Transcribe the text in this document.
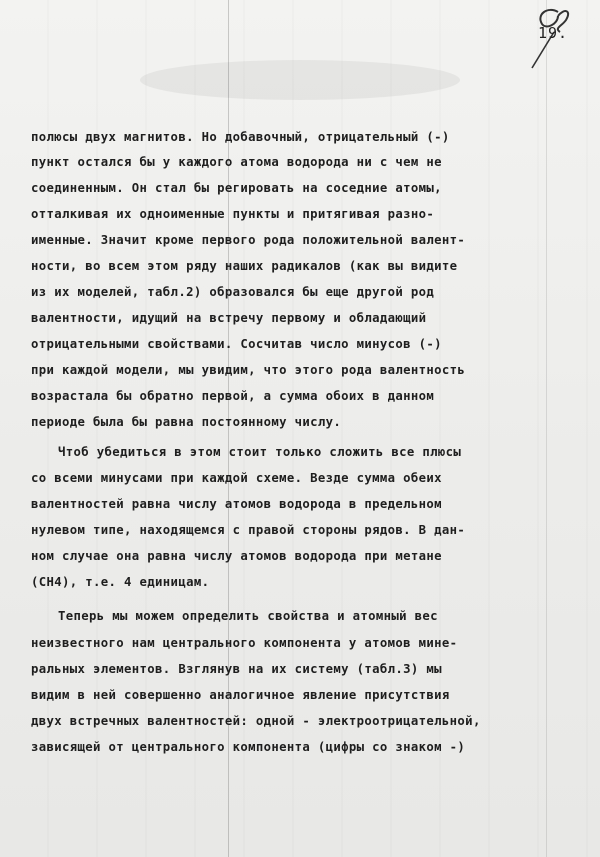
19.
полюсы двух магнитов. Но добавочный, отрицательный (-)
пункт остался бы у каждого атома водорода ни с чем не
соединенным. Он стал бы регировать на соседние атомы,
отталкивая их одноименные пункты и притягивая разно-
именные. Значит кроме первого рода положительной валент-
ности, во всем этом ряду наших радикалов (как вы видите
из их моделей, табл.2) образовался бы еще другой род
валентности, идущий на встречу первому и обладающий
отрицательными свойствами. Сосчитав число минусов (-)
при каждой модели, мы увидим, что этого рода валентность
возрастала бы обратно первой, а сумма обоих в данном
периоде была бы равна постоянному числу.
Чтоб убедиться в этом стоит только сложить все плюсы
со всеми минусами при каждой схеме. Везде сумма обеих
валентностей равна числу атомов водорода в предельном
нулевом типе, находящемся с правой стороны рядов. В дан-
ном случае она равна числу атомов водорода при метане
(CH4), т.е. 4 единицам.
Теперь мы можем определить свойства и атомный вес
неизвестного нам центрального компонента у атомов мине-
ральных элементов. Взглянув на их систему (табл.3) мы
видим в ней совершенно аналогичное явление присутствия
двух встречных валентностей: одной - электроотрицательной,
зависящей от центрального компонента (цифры со знаком -)
